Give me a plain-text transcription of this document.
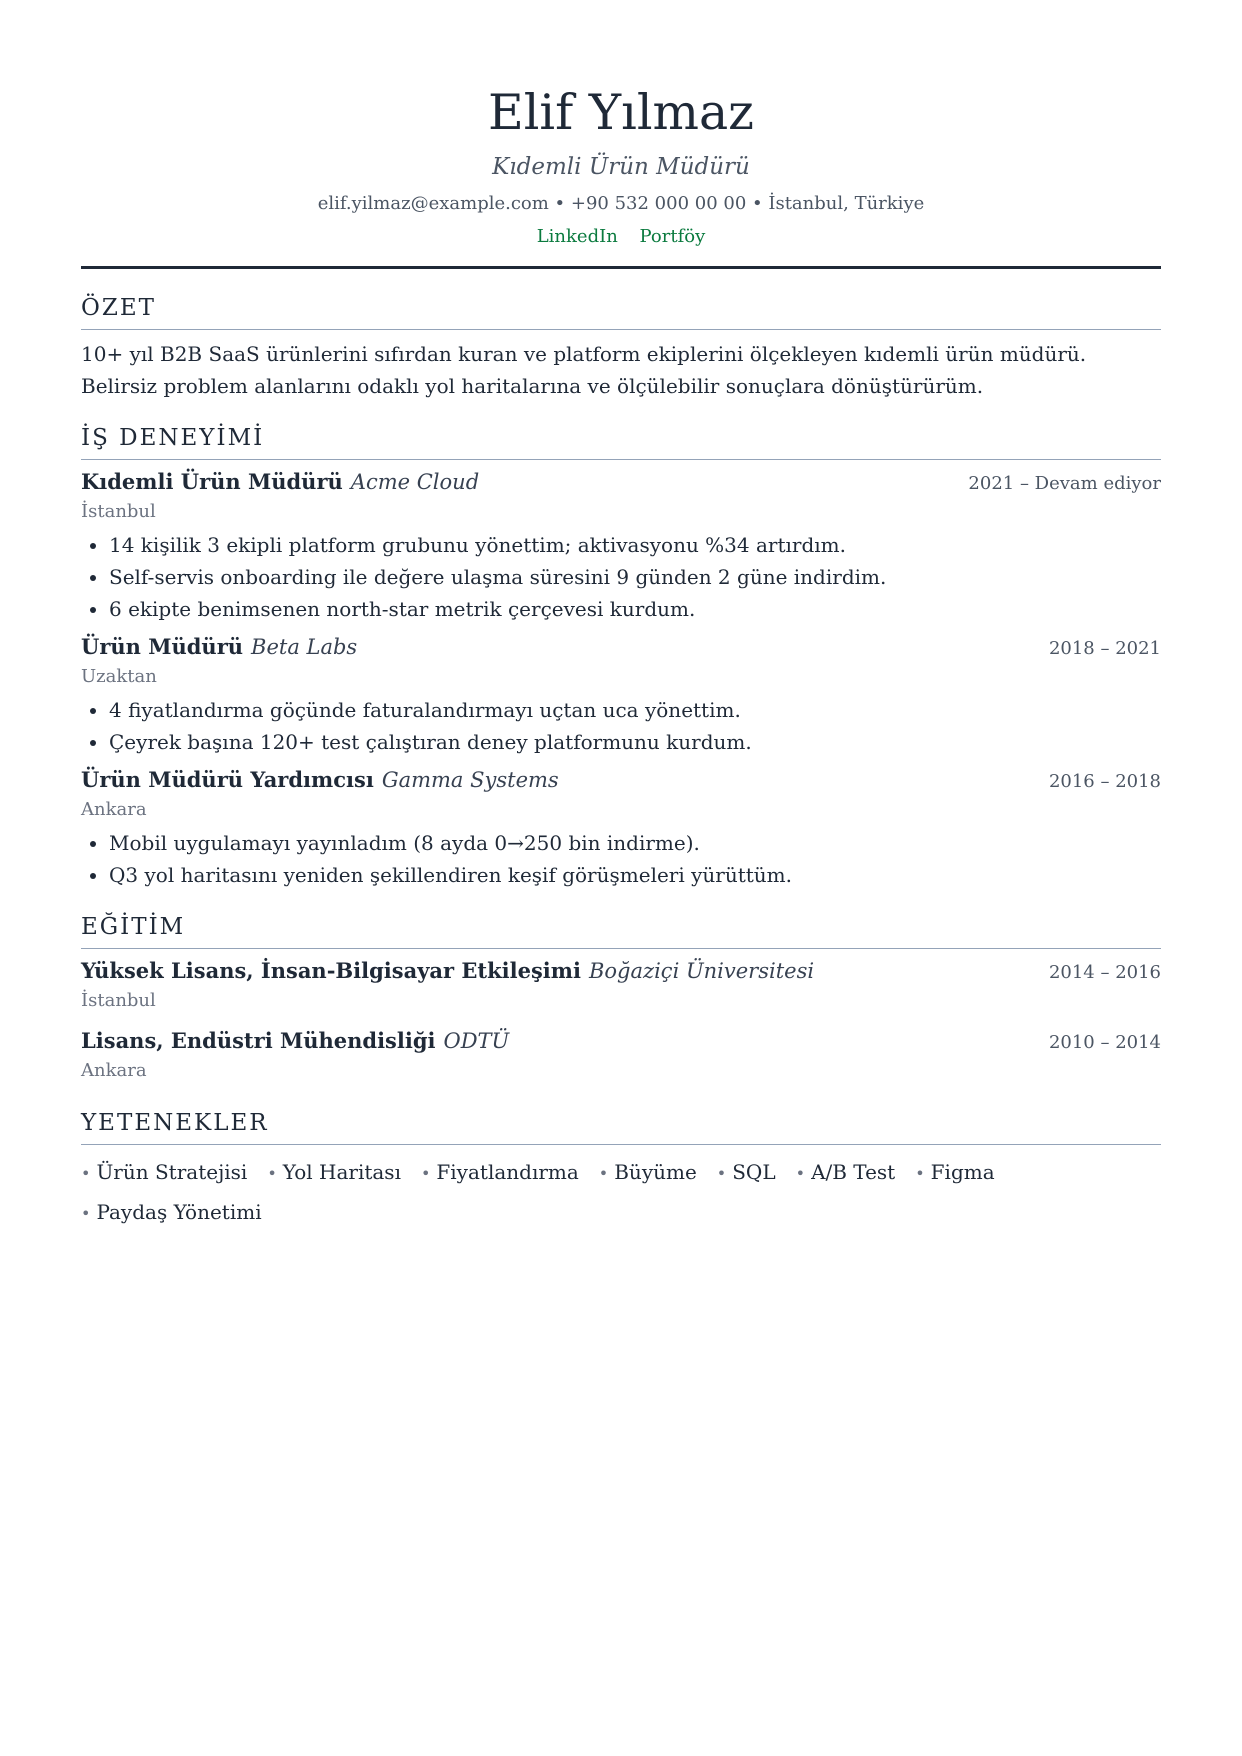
Elif Yılmaz
Kıdemli Ürün Müdürü
elif.yilmaz@example.com • +90 532 000 00 00 • İstanbul, Türkiye
LinkedIn Portföy
ÖZET
10+ yıl B2B SaaS ürünlerini sıfırdan kuran ve platform ekiplerini ölçekleyen kıdemli ürün müdürü. Belirsiz problem alanlarını odaklı yol haritalarına ve ölçülebilir sonuçlara dönüştürürüm.
İŞ DENEYİMİ
Kıdemli Ürün Müdürü Acme Cloud	2021 – Devam ediyor
İstanbul
• 14 kişilik 3 ekipli platform grubunu yönettim; aktivasyonu %34 artırdım.
• Self-servis onboarding ile değere ulaşma süresini 9 günden 2 güne indirdim.
• 6 ekipte benimsenen north-star metrik çerçevesi kurdum.
Ürün Müdürü Beta Labs	2018 – 2021
Uzaktan
• 4 fiyatlandırma göçünde faturalandırmayı uçtan uca yönettim.
• Çeyrek başına 120+ test çalıştıran deney platformunu kurdum.
Ürün Müdürü Yardımcısı Gamma Systems	2016 – 2018
Ankara
• Mobil uygulamayı yayınladım (8 ayda 0→250 bin indirme).
• Q3 yol haritasını yeniden şekillendiren keşif görüşmeleri yürüttüm.
EĞİTİM
Yüksek Lisans, İnsan-Bilgisayar Etkileşimi Boğaziçi Üniversitesi	2014 – 2016
İstanbul
Lisans, Endüstri Mühendisliği ODTÜ	2010 – 2014
Ankara
YETENEKLER
• Ürün Stratejisi • Yol Haritası • Fiyatlandırma • Büyüme • SQL • A/B Test • Figma
• Paydaş Yönetimi
